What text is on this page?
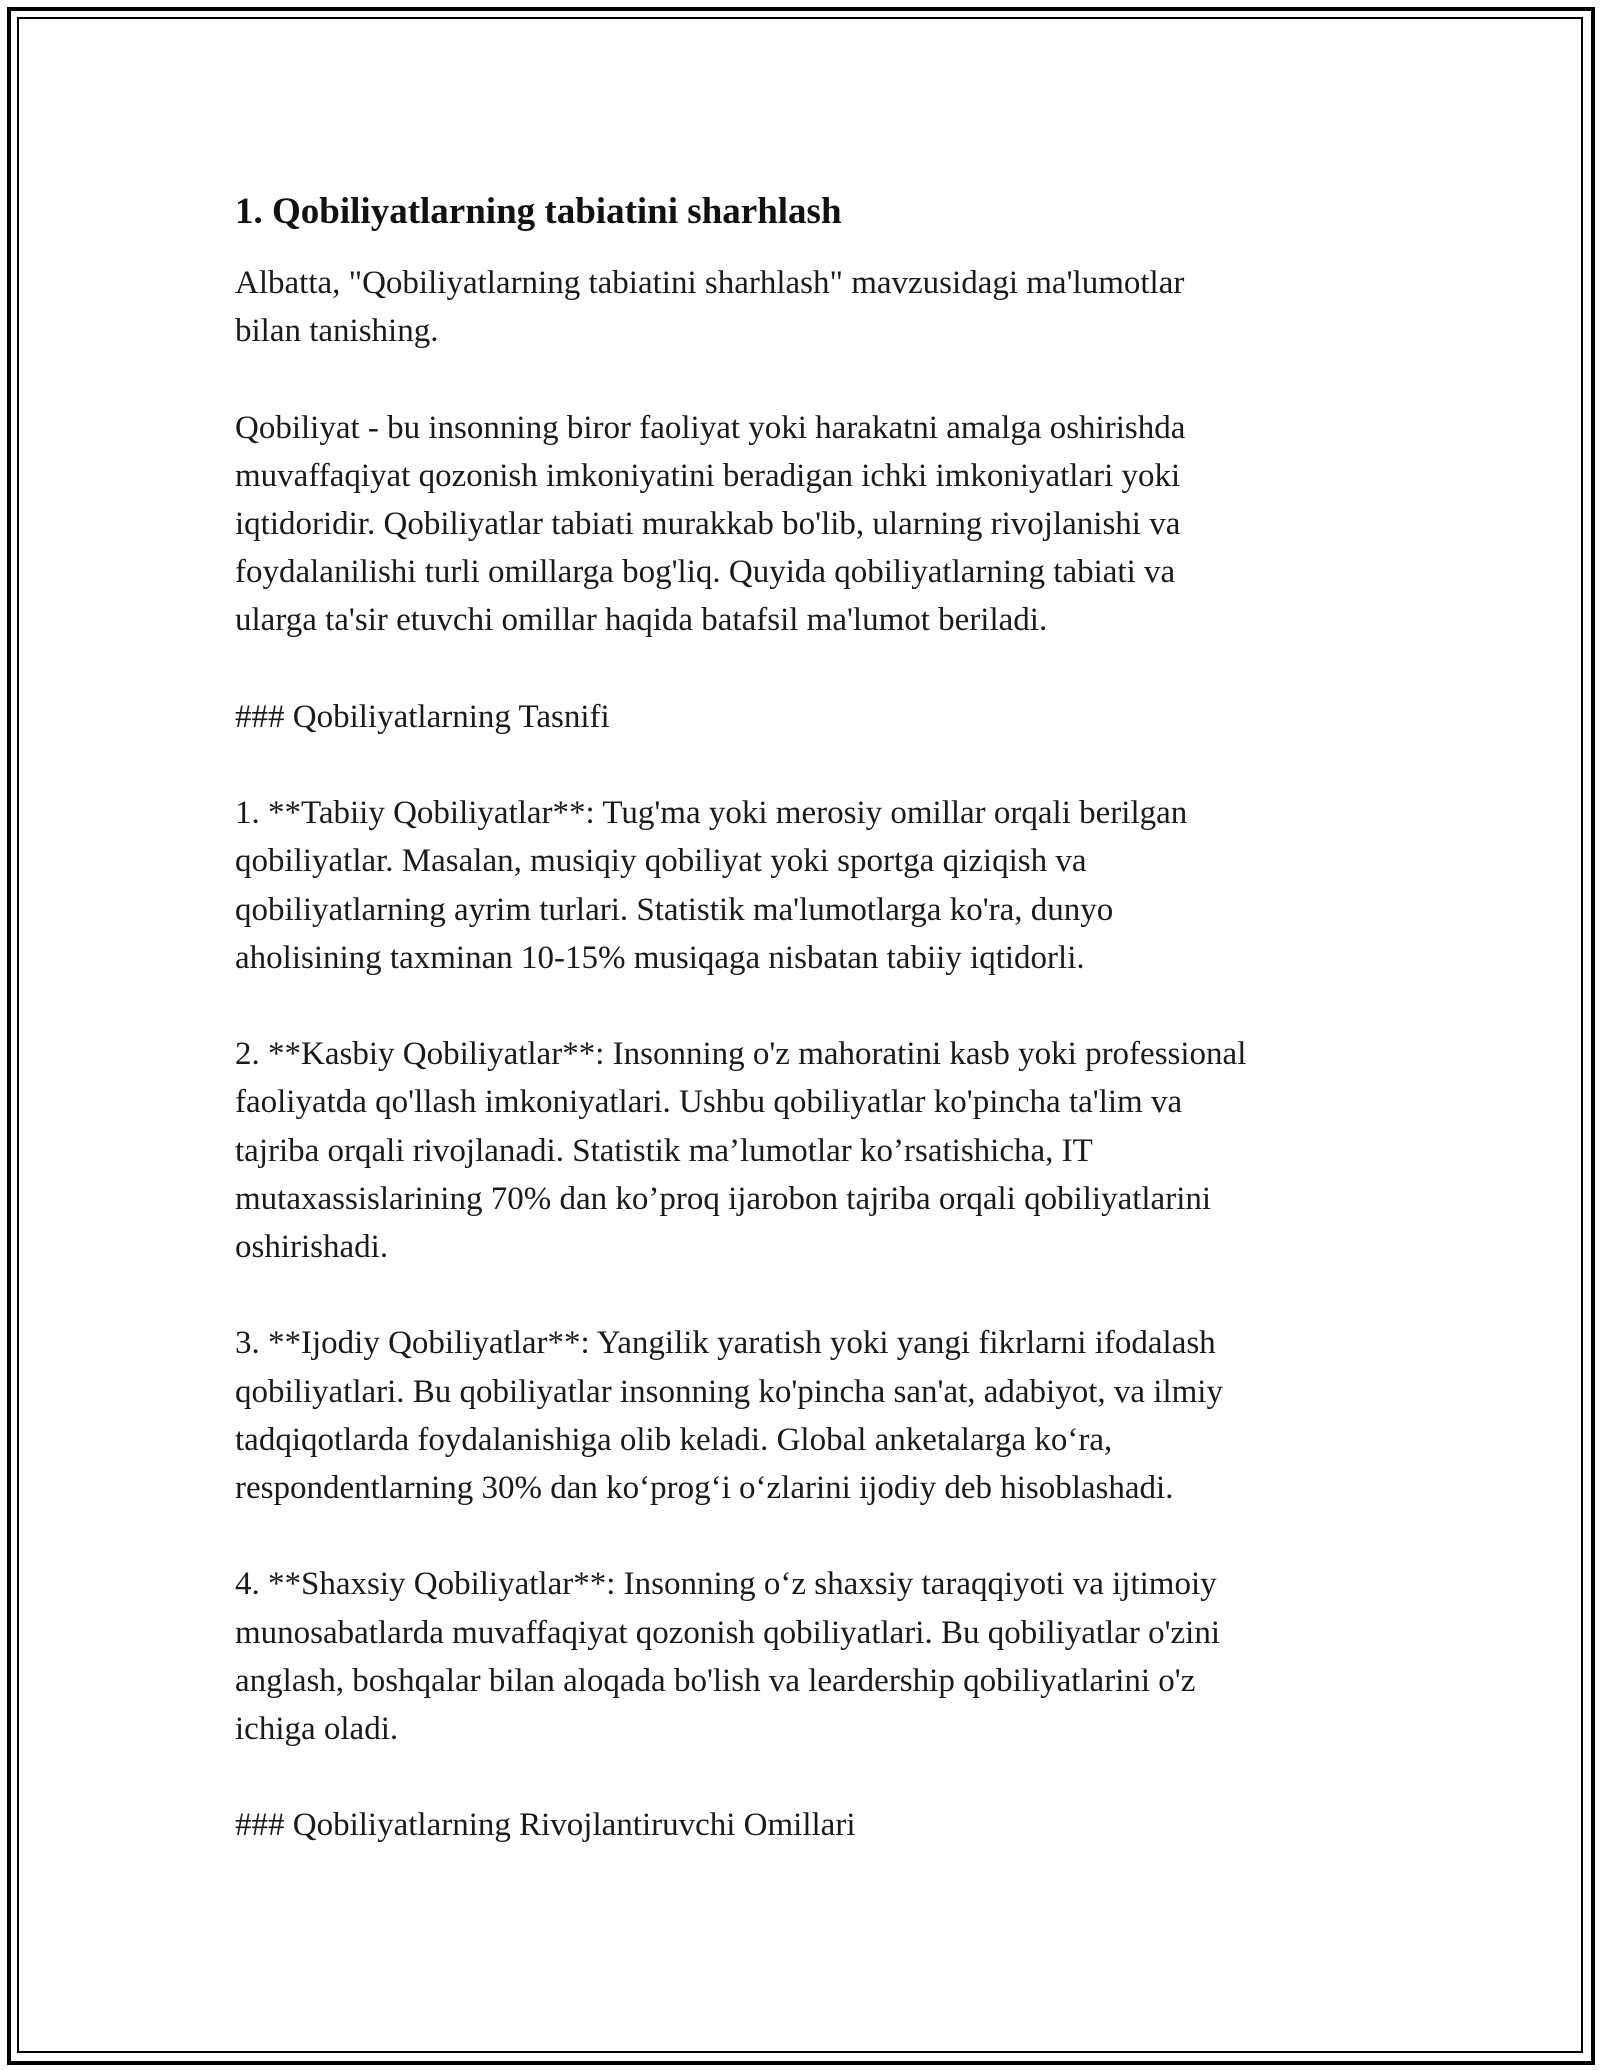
1. Qobiliyatlarning tabiatini sharhlash

Albatta, "Qobiliyatlarning tabiatini sharhlash" mavzusidagi ma'lumotlar
bilan tanishing.

Qobiliyat - bu insonning biror faoliyat yoki harakatni amalga oshirishda
muvaffaqiyat qozonish imkoniyatini beradigan ichki imkoniyatlari yoki
iqtidoridir. Qobiliyatlar tabiati murakkab bo'lib, ularning rivojlanishi va
foydalanilishi turli omillarga bog'liq. Quyida qobiliyatlarning tabiati va
ularga ta'sir etuvchi omillar haqida batafsil ma'lumot beriladi.

### Qobiliyatlarning Tasnifi

1. **Tabiiy Qobiliyatlar**: Tug'ma yoki merosiy omillar orqali berilgan
qobiliyatlar. Masalan, musiqiy qobiliyat yoki sportga qiziqish va
qobiliyatlarning ayrim turlari. Statistik ma'lumotlarga ko'ra, dunyo
aholisining taxminan 10-15% musiqaga nisbatan tabiiy iqtidorli.

2. **Kasbiy Qobiliyatlar**: Insonning o'z mahoratini kasb yoki professional
faoliyatda qo'llash imkoniyatlari. Ushbu qobiliyatlar ko'pincha ta'lim va
tajriba orqali rivojlanadi. Statistik ma’lumotlar ko’rsatishicha, IT
mutaxassislarining 70% dan ko’proq ijarobon tajriba orqali qobiliyatlarini
oshirishadi.

3. **Ijodiy Qobiliyatlar**: Yangilik yaratish yoki yangi fikrlarni ifodalash
qobiliyatlari. Bu qobiliyatlar insonning ko'pincha san'at, adabiyot, va ilmiy
tadqiqotlarda foydalanishiga olib keladi. Global anketalarga ko‘ra,
respondentlarning 30% dan ko‘prog‘i o‘zlarini ijodiy deb hisoblashadi.

4. **Shaxsiy Qobiliyatlar**: Insonning o‘z shaxsiy taraqqiyoti va ijtimoiy
munosabatlarda muvaffaqiyat qozonish qobiliyatlari. Bu qobiliyatlar o'zini
anglash, boshqalar bilan aloqada bo'lish va leardership qobiliyatlarini o'z
ichiga oladi.

### Qobiliyatlarning Rivojlantiruvchi Omillari
